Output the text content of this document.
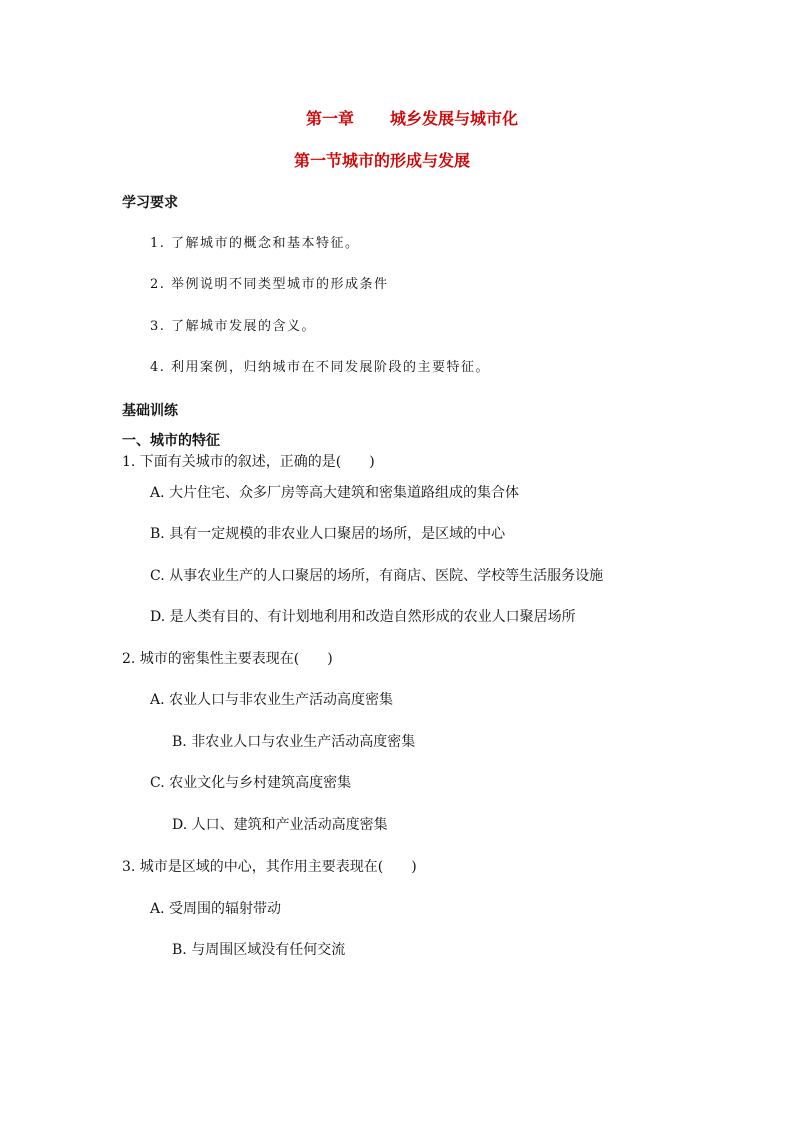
第一章 城乡发展与城市化
第一节城市的形成与发展
学习要求
1. 了解城市的概念和基本特征。
2. 举例说明不同类型城市的形成条件
3. 了解城市发展的含义。
4. 利用案例，归纳城市在不同发展阶段的主要特征。
基础训练
一、城市的特征
1. 下面有关城市的叙述，正确的是(　　)
A. 大片住宅、众多厂房等高大建筑和密集道路组成的集合体
B. 具有一定规模的非农业人口聚居的场所，是区域的中心
C. 从事农业生产的人口聚居的场所，有商店、医院、学校等生活服务设施
D. 是人类有目的、有计划地利用和改造自然形成的农业人口聚居场所
2. 城市的密集性主要表现在(　　)
A. 农业人口与非农业生产活动高度密集
B. 非农业人口与农业生产活动高度密集
C. 农业文化与乡村建筑高度密集
D. 人口、建筑和产业活动高度密集
3. 城市是区域的中心，其作用主要表现在(　　)
A. 受周围的辐射带动
B. 与周围区域没有任何交流
